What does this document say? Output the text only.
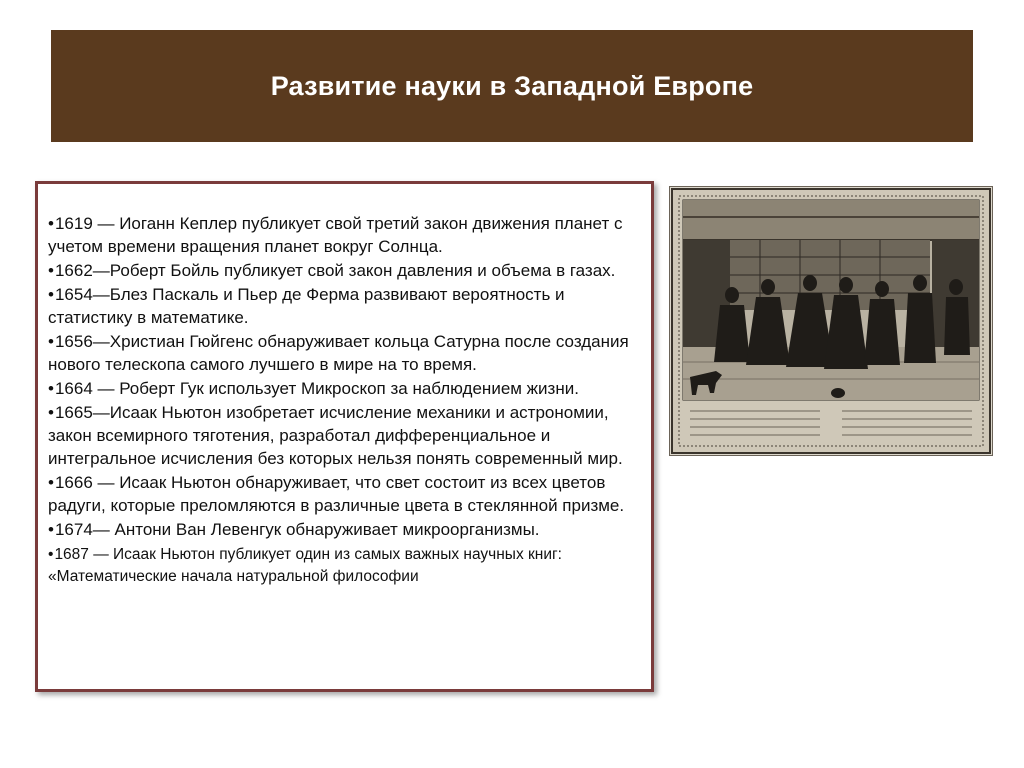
Развитие науки в Западной Европе
•1619 — Иоганн Кеплер публикует свой третий закон движения планет с учетом времени вращения планет вокруг Солнца.
•1662—Роберт Бойль публикует свой закон давления и объема в газах.
•1654—Блез Паскаль и Пьер де Ферма развивают вероятность и статистику в математике.
•1656—Христиан Гюйгенс обнаруживает кольца Сатурна после создания нового телескопа самого лучшего в мире на то время.
•1664 — Роберт Гук использует Микроскоп за наблюдением жизни.
•1665—Исаак Ньютон изобретает исчисление механики и астрономии, закон всемирного тяготения, разработал дифференциальное и интегральное исчисления без которых нельзя понять современный мир.
•1666 — Исаак Ньютон обнаруживает, что свет состоит из всех цветов радуги, которые преломляются в различные цвета в стеклянной призме.
•1674— Антони Ван Левенгук обнаруживает микроорганизмы.
•1687 — Исаак Ньютон публикует один из самых важных научных книг: «Математические начала натуральной философии
